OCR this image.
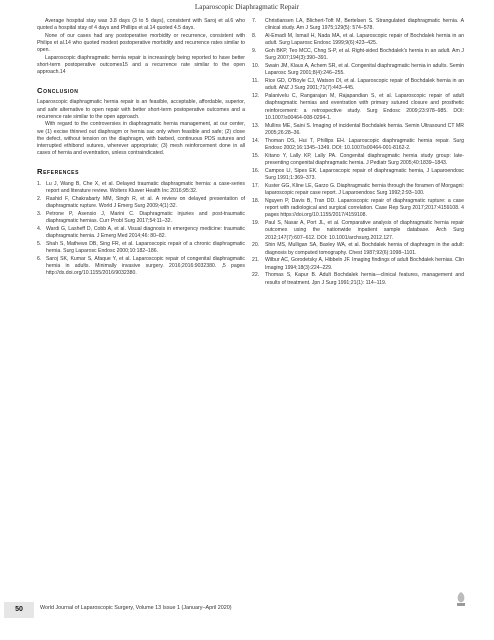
Laparoscopic Diaphragmatic Repair

Average hospital stay was 3.8 days (3 to 5 days), consistent with Saroj et al.6 who quoted a hospital stay of 4 days and Phillips et al.14 quoted 4.5 days.

None of our cases had any postoperative morbidity or recurrence, consistent with Philips et al.14 who quoted modest postoperative morbidity and recurrence rates similar to open.

Laparoscopic diaphragmatic hernia repair is increasingly being reported to have better short-term postoperative outcomes15 and a recurrence rate similar to the open approach.14

Conclusion

Laparoscopic diaphragmatic hernia repair is an feasible, acceptable, affordable, superior, and safe alternative to open repair with better short-term postoperative outcomes and a recurrence rate similar to the open approach.

With regard to the controversies in diaphragmatic hernia management, at our center, we (1) excise thinned out diaphragm or hernia sac only when feasible and safe; (2) close the defect, without tension on the diaphragm, with barbed, continuous PDS sutures and interrupted ethibond sutures, wherever appropriate; (3) mesh reinforcement done in all cases of hernia and eventration, unless contraindicated.

References
1. Lu J, Wang B, Che X, et al. Delayed traumatic diaphragmatic hernia: a case-series report and literature review. Wolters Kluwer Health Inc 2016;95:32.
2. Rashid F, Chakrabarty MM, Singh R, et al. A review on delayed presentation of diaphragmatic rupture. World J Emerg Surg 2009;4(1):32.
3. Petrone P, Asensio J, Marini C. Diaphragmatic injuries and post-traumatic diaphragmatic hernias. Curr Probl Surg 2017;54:11–32.
4. Wardi G, Lasheff D, Cobb A, et al. Visual diagnosis in emergency medicine: traumatic diaphragmatic hernia. J Emerg Med 2014;46: 80–82.
5. Shah S, Mathews DB, Sing FR, et al. Laparoscopic repair of a chronic diaphragmatic hernia. Surg Laparosc Endosc 2000;10:182–186.
6. Saroj SK, Kumar S, Afaque Y, et al. Laparoscopic repair of congenital diaphragmatic hernia in adults. Minimally invasive surgery. 2016;2016:9032380. ,5 pages http://dx.doi.org/10.1155/2016/9032380.
7. Christiansen LA, Blichert-Toft M, Bertelsen S. Strangulated diaphragmatic hernia. A clinical study. Am J Surg 1975;129(5): 574–578.
8. Al-Emadi M, Ismail H, Nada MA, et al. Laparoscopic repair of Bochdalek hernia in an adult. Surg Laparosc Endosc 1999;9(6):423–425.
9. Goh BKP, Teo MCC, Chng S-P, et al. Right-sided Bochdalek's hernia in an adult. Am J Surg 2007;194(3):390–391.
10. Swain JM, Klaus A, Achem SR, et al. Congenital diaphragmatic hernia in adults. Semin Laparosc Surg 2001;8(4):246–255.
11. Rice GD, O'Boyle CJ, Watson DI, et al. Laparoscopic repair of Bochdalek hernia in an adult. ANZ J Surg 2001;71(7):443–445.
12. Palanivelu C, Rangarajan M, Rajapandian S, et al. Laparoscopic repair of adult diaphragmatic hernias and eventration with primary sutured closure and prosthetic reinforcement: a retrospective study. Surg Endosc 2009;23:978–985. DOI: 10.1007/s00464-008-0294-1.
13. Mullins ME, Saini S. Imaging of incidental Bochdalek hernia. Semin Ultrasound CT MR 2005;26:28–36.
14. Thoman DS, Hui T, Phillips EH. Laparoscopic diaphragmatic hernia repair. Surg Endosc 2002;16:1345–1349. DOI: 10.1007/s00464-001-8162-2.
15. Kitano Y, Lally KP, Lally PA. Congenital diaphragmatic hernia study group: late-presenting congenital diaphragmatic hernia. J Pediatr Surg 2005;40:1839–1843.
16. Campos LI, Sipes EK. Laparoscopic repair of diaphragmatic hernia, J Laparoendosc Surg 1991;1:369–373.
17. Kuster GG, Kline LE, Garzo G. Diaphragmatic hernia through the foramen of Morgagni: laparoscopic repair case report. J Laparoendosc Surg 1992;2:93–100.
18. Nguyen P, Davis B, Tran DD. Laparoscopic repair of diaphragmatic rupture: a case report with radiological and surgical correlation. Case Rep Surg 2017;2017:4159108. 4 pages https://doi.org/10.1155/2017/4159108.
19. Paul S, Nasar A, Port JL, et al. Comparative analysis of diaphragmatic hernia repair outcomes using the nationwide inpatient sample database. Arch Surg 2012;147(7):607–612. DOI: 10.1001/archsurg.2012.127.
20. Shin MS, Mulligan SA, Baxley WA, et al. Bochdalek hernia of diaphragm in the adult: diagnosis by computed tomography. Chest 1987;92(6):1098–1101.
21. Wilbur AC, Gorodetsky A, Hibbeln JF. Imaging findings of adult Bochdalek hernias. Clin Imaging 1994;18(3):224–229.
22. Thomas S, Kapur B. Adult Bochdalek hernia—clinical features, management and results of treatment. Jpn J Surg 1991;21(1): 114–119.
50	World Journal of Laparoscopic Surgery, Volume 13 Issue 1 (January–April 2020)
